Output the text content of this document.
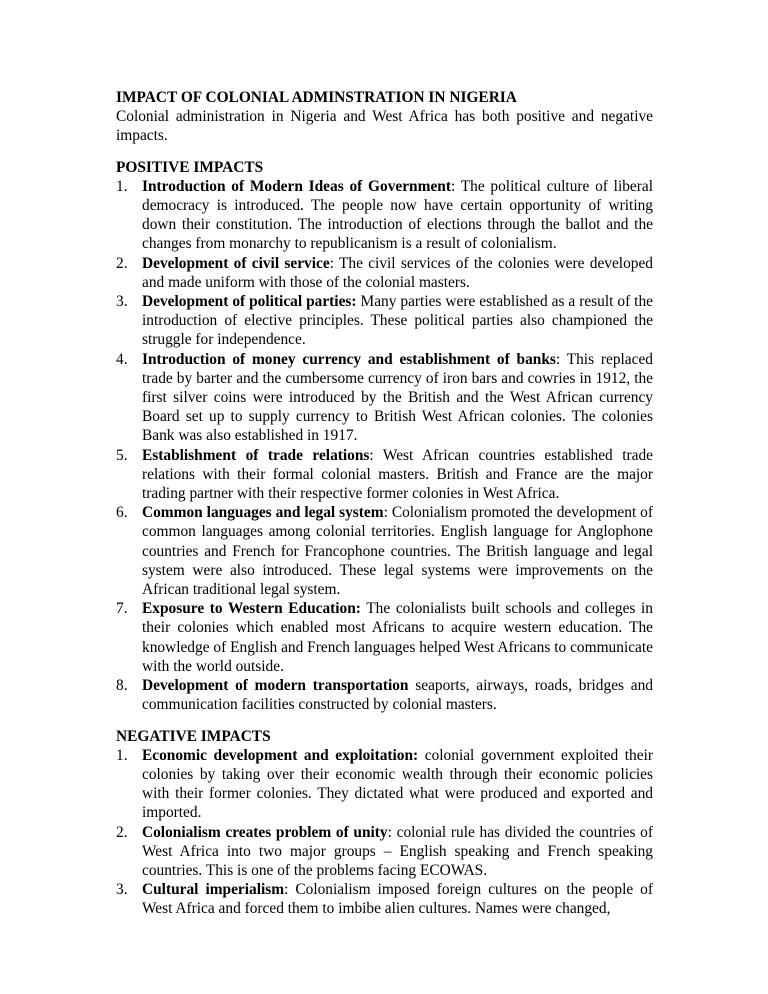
IMPACT OF COLONIAL ADMINSTRATION IN NIGERIA

Colonial administration in Nigeria and West Africa has both positive and negative impacts.

POSITIVE IMPACTS

1. Introduction of Modern Ideas of Government: The political culture of liberal democracy is introduced. The people now have certain opportunity of writing down their constitution. The introduction of elections through the ballot and the changes from monarchy to republicanism is a result of colonialism.
2. Development of civil service: The civil services of the colonies were developed and made uniform with those of the colonial masters.
3. Development of political parties: Many parties were established as a result of the introduction of elective principles. These political parties also championed the struggle for independence.
4. Introduction of money currency and establishment of banks: This replaced trade by barter and the cumbersome currency of iron bars and cowries in 1912, the first silver coins were introduced by the British and the West African currency Board set up to supply currency to British West African colonies. The colonies Bank was also established in 1917.
5. Establishment of trade relations: West African countries established trade relations with their formal colonial masters. British and France are the major trading partner with their respective former colonies in West Africa.
6. Common languages and legal system: Colonialism promoted the development of common languages among colonial territories. English language for Anglophone countries and French for Francophone countries. The British language and legal system were also introduced. These legal systems were improvements on the African traditional legal system.
7. Exposure to Western Education: The colonialists built schools and colleges in their colonies which enabled most Africans to acquire western education. The knowledge of English and French languages helped West Africans to communicate with the world outside.
8. Development of modern transportation seaports, airways, roads, bridges and communication facilities constructed by colonial masters.

NEGATIVE IMPACTS

1. Economic development and exploitation: colonial government exploited their colonies by taking over their economic wealth through their economic policies with their former colonies. They dictated what were produced and exported and imported.
2. Colonialism creates problem of unity: colonial rule has divided the countries of West Africa into two major groups – English speaking and French speaking countries. This is one of the problems facing ECOWAS.
3. Cultural imperialism: Colonialism imposed foreign cultures on the people of West Africa and forced them to imbibe alien cultures. Names were changed,
